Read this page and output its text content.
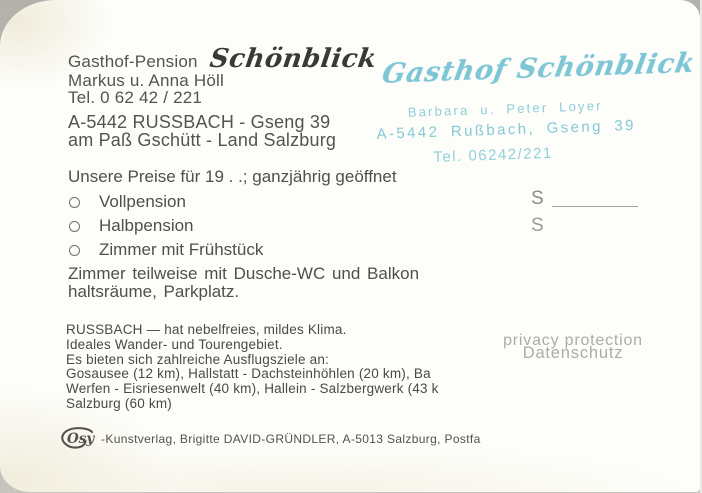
Gasthof-Pension Schönblick
Markus u. Anna Höll
Tel. 0 62 42 / 221
A-5442 RUSSBACH - Gseng 39
am Paß Gschütt - Land Salzburg
Gasthof Schönblick
Barbara u. Peter Loyer
A-5442 Rußbach, Gseng 39
Tel. 06242/221
Unsere Preise für 19 . .; ganzjährig geöffnet
Vollpension
Halbpension
Zimmer mit Frühstück
S
S
Zimmer teilweise mit Dusche-WC und Balkon
haltsräume, Parkplatz.
RUSSBACH — hat nebelfreies, mildes Klima.
Ideales Wander- und Tourengebiet.
Es bieten sich zahlreiche Ausflugsziele an:
Gosausee (12 km), Hallstatt - Dachsteinhöhlen (20 km), Ba
Werfen - Eisriesenwelt (40 km), Hallein - Salzbergwerk (43 k
Salzburg (60 km)
Osy -Kunstverlag, Brigitte DAVID-GRÜNDLER, A-5013 Salzburg, Postfa
privacy protection
Datenschutz
